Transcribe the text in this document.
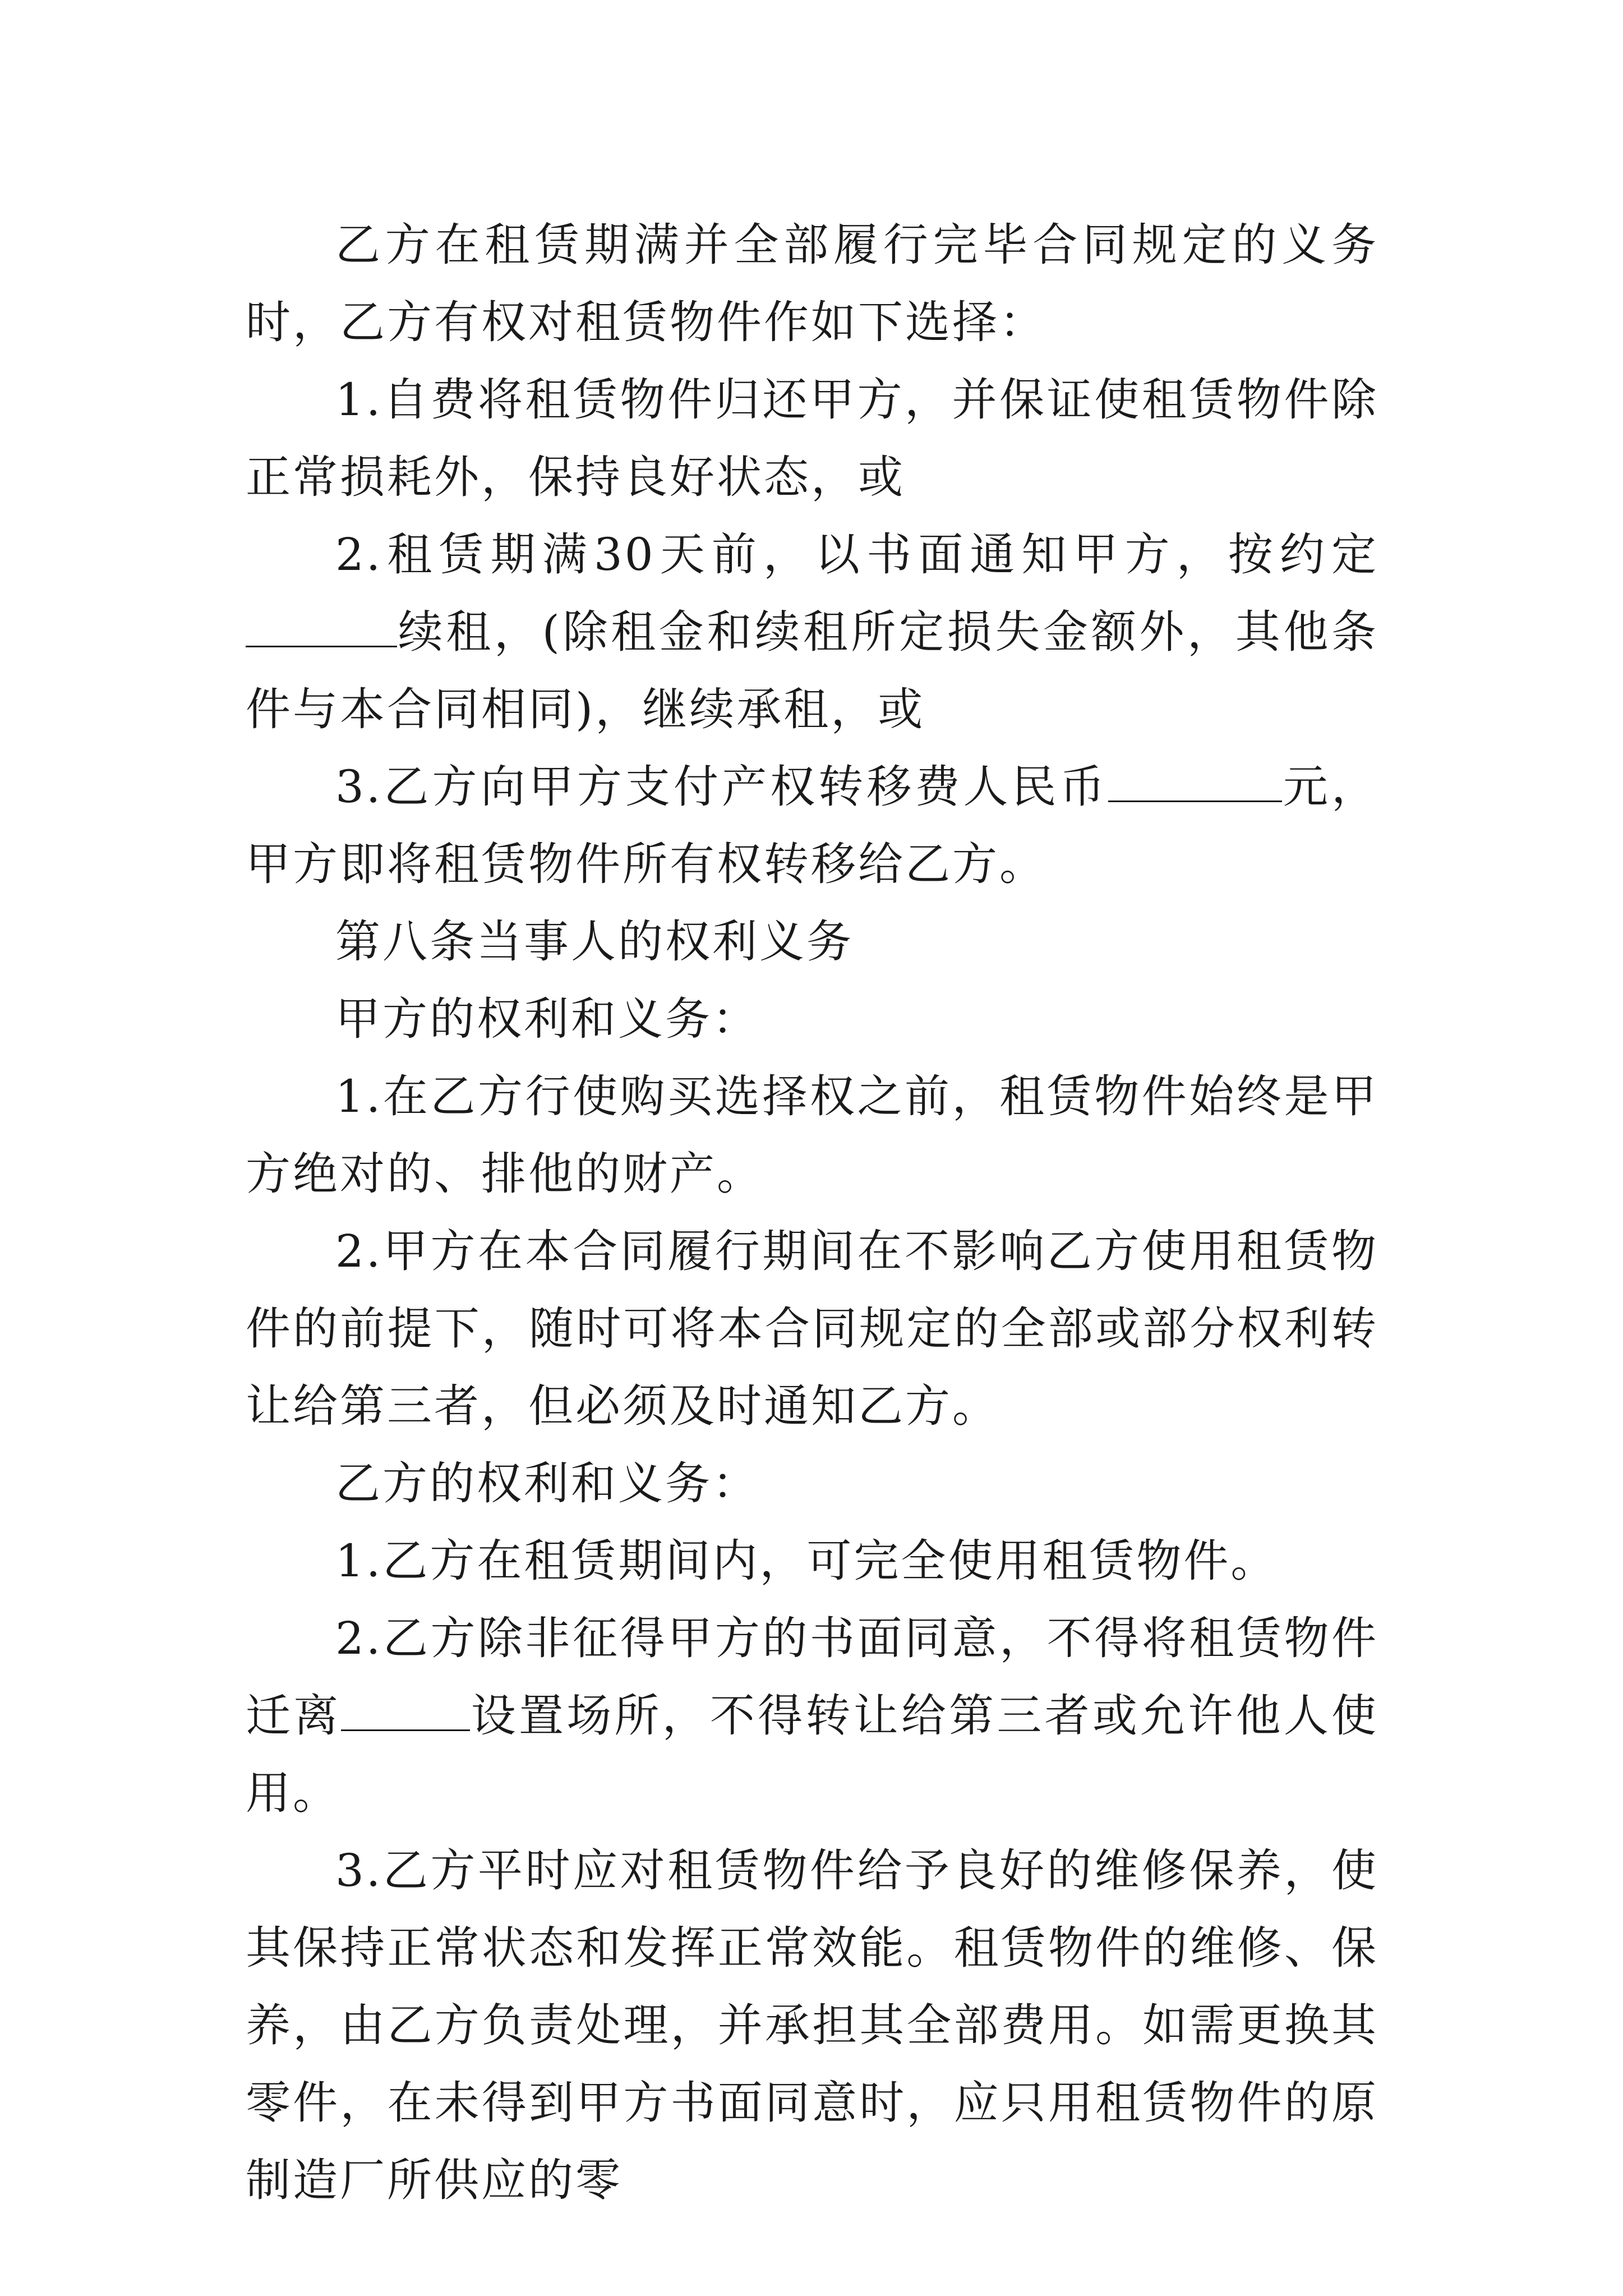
乙方在租赁期满并全部履行完毕合同规定的义务时，乙方有权对租赁物件作如下选择：

1.自费将租赁物件归还甲方，并保证使租赁物件除正常损耗外，保持良好状态，或

2.租赁期满30天前，以书面通知甲方，按约定续租，(除租金和续租所定损失金额外，其他条件与本合同相同)，继续承租，或

3.乙方向甲方支付产权转移费人民币	元，甲方即将租赁物件所有权转移给乙方。

第八条当事人的权利义务

甲方的权利和义务：

1.在乙方行使购买选择权之前，租赁物件始终是甲方绝对的、排他的财产。

2.甲方在本合同履行期间在不影响乙方使用租赁物件的前提下，随时可将本合同规定的全部或部分权利转让给第三者，但必须及时通知乙方。

乙方的权利和义务：

1.乙方在租赁期间内，可完全使用租赁物件。

2.乙方除非征得甲方的书面同意，不得将租赁物件迁离	设置场所，不得转让给第三者或允许他人使用。

3.乙方平时应对租赁物件给予良好的维修保养，使其保持正常状态和发挥正常效能。租赁物件的维修、保养，由乙方负责处理，并承担其全部费用。如需更换其零件，在未得到甲方书面同意时，应只用租赁物件的原制造厂所供应的零
